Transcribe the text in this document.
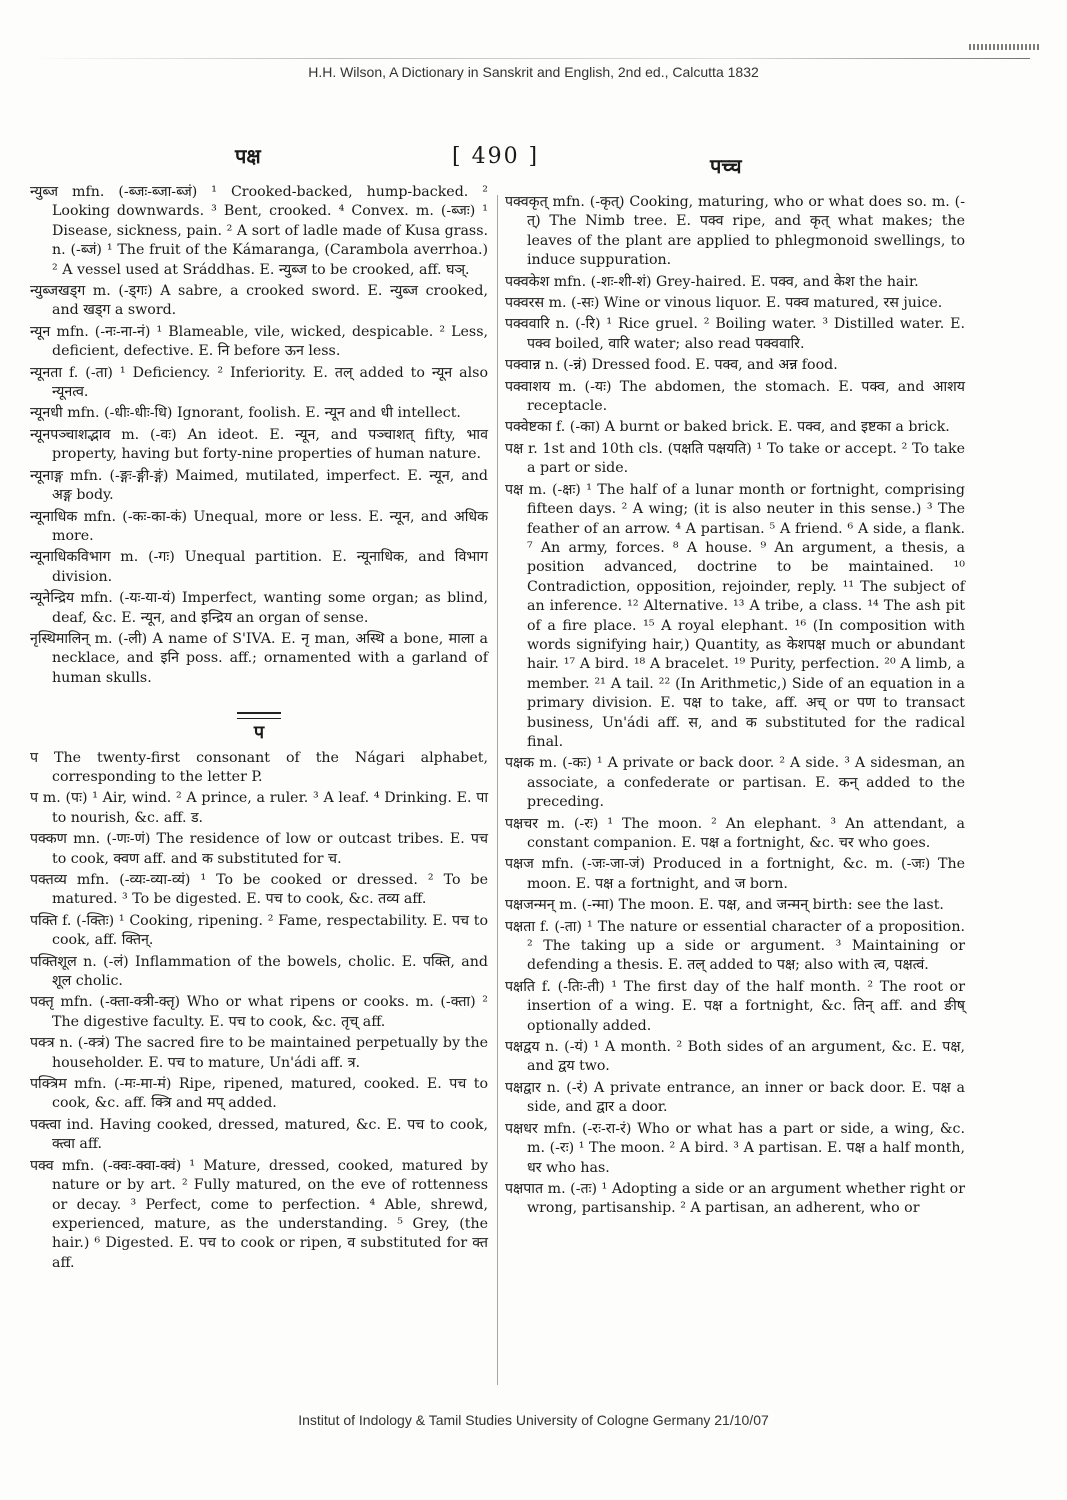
H.H. Wilson, A Dictionary in Sanskrit and English, 2nd ed., Calcutta 1832
पक्ष	[ 490 ]	पच्च

न्युब्ज mfn. (-ब्जः-ब्जा-ब्जं) ¹ Crooked-backed, hump-backed. ² Looking downwards. ³ Bent, crooked. ⁴ Convex. m. (-ब्जः) ¹ Disease, sickness, pain. ² A sort of ladle made of Kusa grass. n. (-ब्जं) ¹ The fruit of the Kámaranga, (Carambola averrhoa.) ² A vessel used at Sráddhas. E. न्युब्ज to be crooked, aff. घञ्.

न्युब्जखड्ग m. (-ड्गः) A sabre, a crooked sword. E. न्युब्ज crooked, and खड्ग a sword.

न्यून mfn. (-नः-ना-नं) ¹ Blameable, vile, wicked, despicable. ² Less, deficient, defective. E. नि before ऊन less.

न्यूनता f. (-ता) ¹ Deficiency. ² Inferiority. E. तल् added to न्यून also न्यूनत्व.

न्यूनधी mfn. (-धीः-धीः-धि) Ignorant, foolish. E. न्यून and धी intellect.

न्यूनपञ्चाशद्भाव m. (-वः) An ideot. E. न्यून, and पञ्चाशत् fifty, भाव property, having but forty-nine properties of human nature.

न्यूनाङ्ग mfn. (-ङ्गः-ङ्गी-ङ्गं) Maimed, mutilated, imperfect. E. न्यून, and अङ्ग body.

न्यूनाधिक mfn. (-कः-का-कं) Unequal, more or less. E. न्यून, and अधिक more.

न्यूनाधिकविभाग m. (-गः) Unequal partition. E. न्यूनाधिक, and विभाग division.

न्यूनेन्द्रिय mfn. (-यः-या-यं) Imperfect, wanting some organ; as blind, deaf, &c. E. न्यून, and इन्द्रिय an organ of sense.

नृस्थिमालिन् m. (-ली) A name of S'IVA. E. नृ man, अस्थि a bone, माला a necklace, and इनि poss. aff.; ornamented with a garland of human skulls.

प

प The twenty-first consonant of the Nágari alphabet, corresponding to the letter P.

प m. (पः) ¹ Air, wind. ² A prince, a ruler. ³ A leaf. ⁴ Drinking. E. पा to nourish, &c. aff. ड.

पक्कण mn. (-णः-णं) The residence of low or outcast tribes. E. पच to cook, क्वण aff. and क substituted for च.

पक्तव्य mfn. (-व्यः-व्या-व्यं) ¹ To be cooked or dressed. ² To be matured. ³ To be digested. E. पच to cook, &c. तव्य aff.

पक्ति f. (-क्तिः) ¹ Cooking, ripening. ² Fame, respectability. E. पच to cook, aff. क्तिन्.

पक्तिशूल n. (-लं) Inflammation of the bowels, cholic. E. पक्ति, and शूल cholic.

पक्तृ mfn. (-क्ता-क्त्री-क्तृ) Who or what ripens or cooks. m. (-क्ता) ² The digestive faculty. E. पच to cook, &c. तृच् aff.

पक्त्र n. (-क्त्रं) The sacred fire to be maintained perpetually by the householder. E. पच to mature, Un'ádi aff. त्र.

पक्त्रिम mfn. (-मः-मा-मं) Ripe, ripened, matured, cooked. E. पच to cook, &c. aff. क्त्रि and मप् added.

पक्त्वा ind. Having cooked, dressed, matured, &c. E. पच to cook, क्त्वा aff.

पक्व mfn. (-क्वः-क्वा-क्वं) ¹ Mature, dressed, cooked, matured by nature or by art. ² Fully matured, on the eve of rottenness or decay. ³ Perfect, come to perfection. ⁴ Able, shrewd, experienced, mature, as the understanding. ⁵ Grey, (the hair.) ⁶ Digested. E. पच to cook or ripen, व substituted for क्त aff.

पक्वकृत् mfn. (-कृत्) Cooking, maturing, who or what does so. m. (-त्) The Nimb tree. E. पक्व ripe, and कृत् what makes; the leaves of the plant are applied to phlegmonoid swellings, to induce suppuration.

पक्वकेश mfn. (-शः-शी-शं) Grey-haired. E. पक्व, and केश the hair.

पक्वरस m. (-सः) Wine or vinous liquor. E. पक्व matured, रस juice.

पक्ववारि n. (-रि) ¹ Rice gruel. ² Boiling water. ³ Distilled water. E. पक्व boiled, वारि water; also read पक्ववारि.

पक्वान्न n. (-न्नं) Dressed food. E. पक्व, and अन्न food.

पक्वाशय m. (-यः) The abdomen, the stomach. E. पक्व, and आशय receptacle.

पक्वेष्टका f. (-का) A burnt or baked brick. E. पक्व, and इष्टका a brick.

पक्ष r. 1st and 10th cls. (पक्षति पक्षयति) ¹ To take or accept. ² To take a part or side.

पक्ष m. (-क्षः) ¹ The half of a lunar month or fortnight, comprising fifteen days. ² A wing; (it is also neuter in this sense.) ³ The feather of an arrow. ⁴ A partisan. ⁵ A friend. ⁶ A side, a flank. ⁷ An army, forces. ⁸ A house. ⁹ An argument, a thesis, a position advanced, doctrine to be maintained. ¹⁰ Contradiction, opposition, rejoinder, reply. ¹¹ The subject of an inference. ¹² Alternative. ¹³ A tribe, a class. ¹⁴ The ash pit of a fire place. ¹⁵ A royal elephant. ¹⁶ (In composition with words signifying hair,) Quantity, as केशपक्ष much or abundant hair. ¹⁷ A bird. ¹⁸ A bracelet. ¹⁹ Purity, perfection. ²⁰ A limb, a member. ²¹ A tail. ²² (In Arithmetic,) Side of an equation in a primary division. E. पक्ष to take, aff. अच् or पण to transact business, Un'ádi aff. स, and क substituted for the radical final.

पक्षक m. (-कः) ¹ A private or back door. ² A side. ³ A sidesman, an associate, a confederate or partisan. E. कन् added to the preceding.

पक्षचर m. (-रः) ¹ The moon. ² An elephant. ³ An attendant, a constant companion. E. पक्ष a fortnight, &c. चर who goes.

पक्षज mfn. (-जः-जा-जं) Produced in a fortnight, &c. m. (-जः) The moon. E. पक्ष a fortnight, and ज born.

पक्षजन्मन् m. (-न्मा) The moon. E. पक्ष, and जन्मन् birth: see the last.

पक्षता f. (-ता) ¹ The nature or essential character of a proposition. ² The taking up a side or argument. ³ Maintaining or defending a thesis. E. तल् added to पक्ष; also with त्व, पक्षत्वं.

पक्षति f. (-तिः-ती) ¹ The first day of the half month. ² The root or insertion of a wing. E. पक्ष a fortnight, &c. तिन् aff. and ङीष् optionally added.

पक्षद्वय n. (-यं) ¹ A month. ² Both sides of an argument, &c. E. पक्ष, and द्वय two.

पक्षद्वार n. (-रं) A private entrance, an inner or back door. E. पक्ष a side, and द्वार a door.

पक्षधर mfn. (-रः-रा-रं) Who or what has a part or side, a wing, &c. m. (-रः) ¹ The moon. ² A bird. ³ A partisan. E. पक्ष a half month, धर who has.

पक्षपात m. (-तः) ¹ Adopting a side or an argument whether right or wrong, partisanship. ² A partisan, an adherent, who or

Institut of Indology & Tamil Studies University of Cologne Germany 21/10/07
